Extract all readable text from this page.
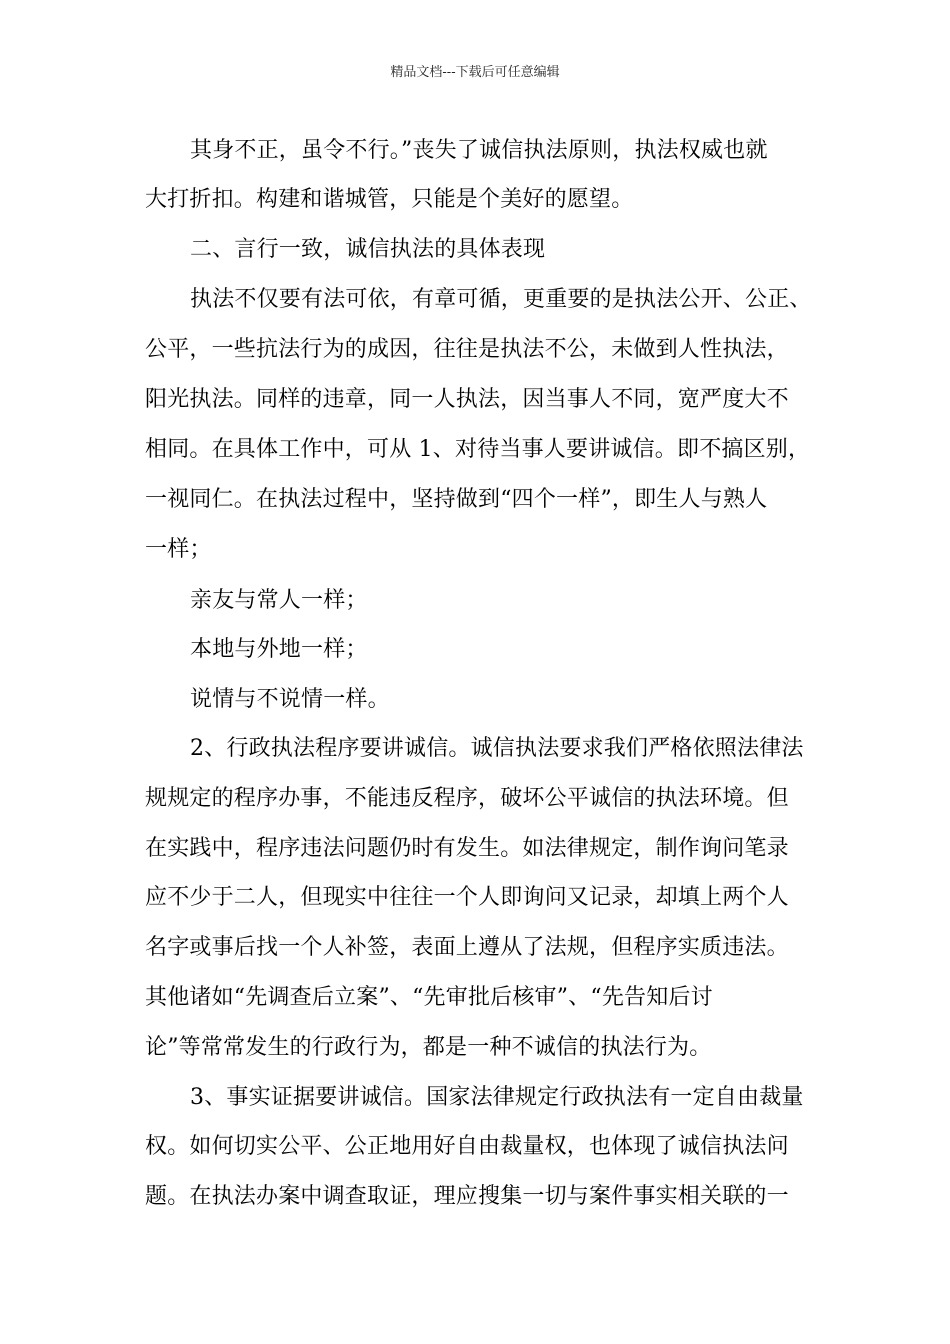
精品文档---下载后可任意编辑
其身不正，虽令不行。”丧失了诚信执法原则，执法权威也就
大打折扣。构建和谐城管，只能是个美好的愿望。
二、言行一致，诚信执法的具体表现
执法不仅要有法可依，有章可循，更重要的是执法公开、公正、
公平，一些抗法行为的成因，往往是执法不公，未做到人性执法，
阳光执法。同样的违章，同一人执法，因当事人不同，宽严度大不
相同。在具体工作中，可从 1、对待当事人要讲诚信。即不搞区别，
一视同仁。在执法过程中，坚持做到“四个一样”，即生人与熟人
一样；
亲友与常人一样；
本地与外地一样；
说情与不说情一样。
2、行政执法程序要讲诚信。诚信执法要求我们严格依照法律法
规规定的程序办事，不能违反程序，破坏公平诚信的执法环境。但
在实践中，程序违法问题仍时有发生。如法律规定，制作询问笔录
应不少于二人，但现实中往往一个人即询问又记录，却填上两个人
名字或事后找一个人补签，表面上遵从了法规，但程序实质违法。
其他诸如“先调查后立案”、“先审批后核审”、“先告知后讨
论”等常常发生的行政行为，都是一种不诚信的执法行为。
3、事实证据要讲诚信。国家法律规定行政执法有一定自由裁量
权。如何切实公平、公正地用好自由裁量权，也体现了诚信执法问
题。在执法办案中调查取证，理应搜集一切与案件事实相关联的一
